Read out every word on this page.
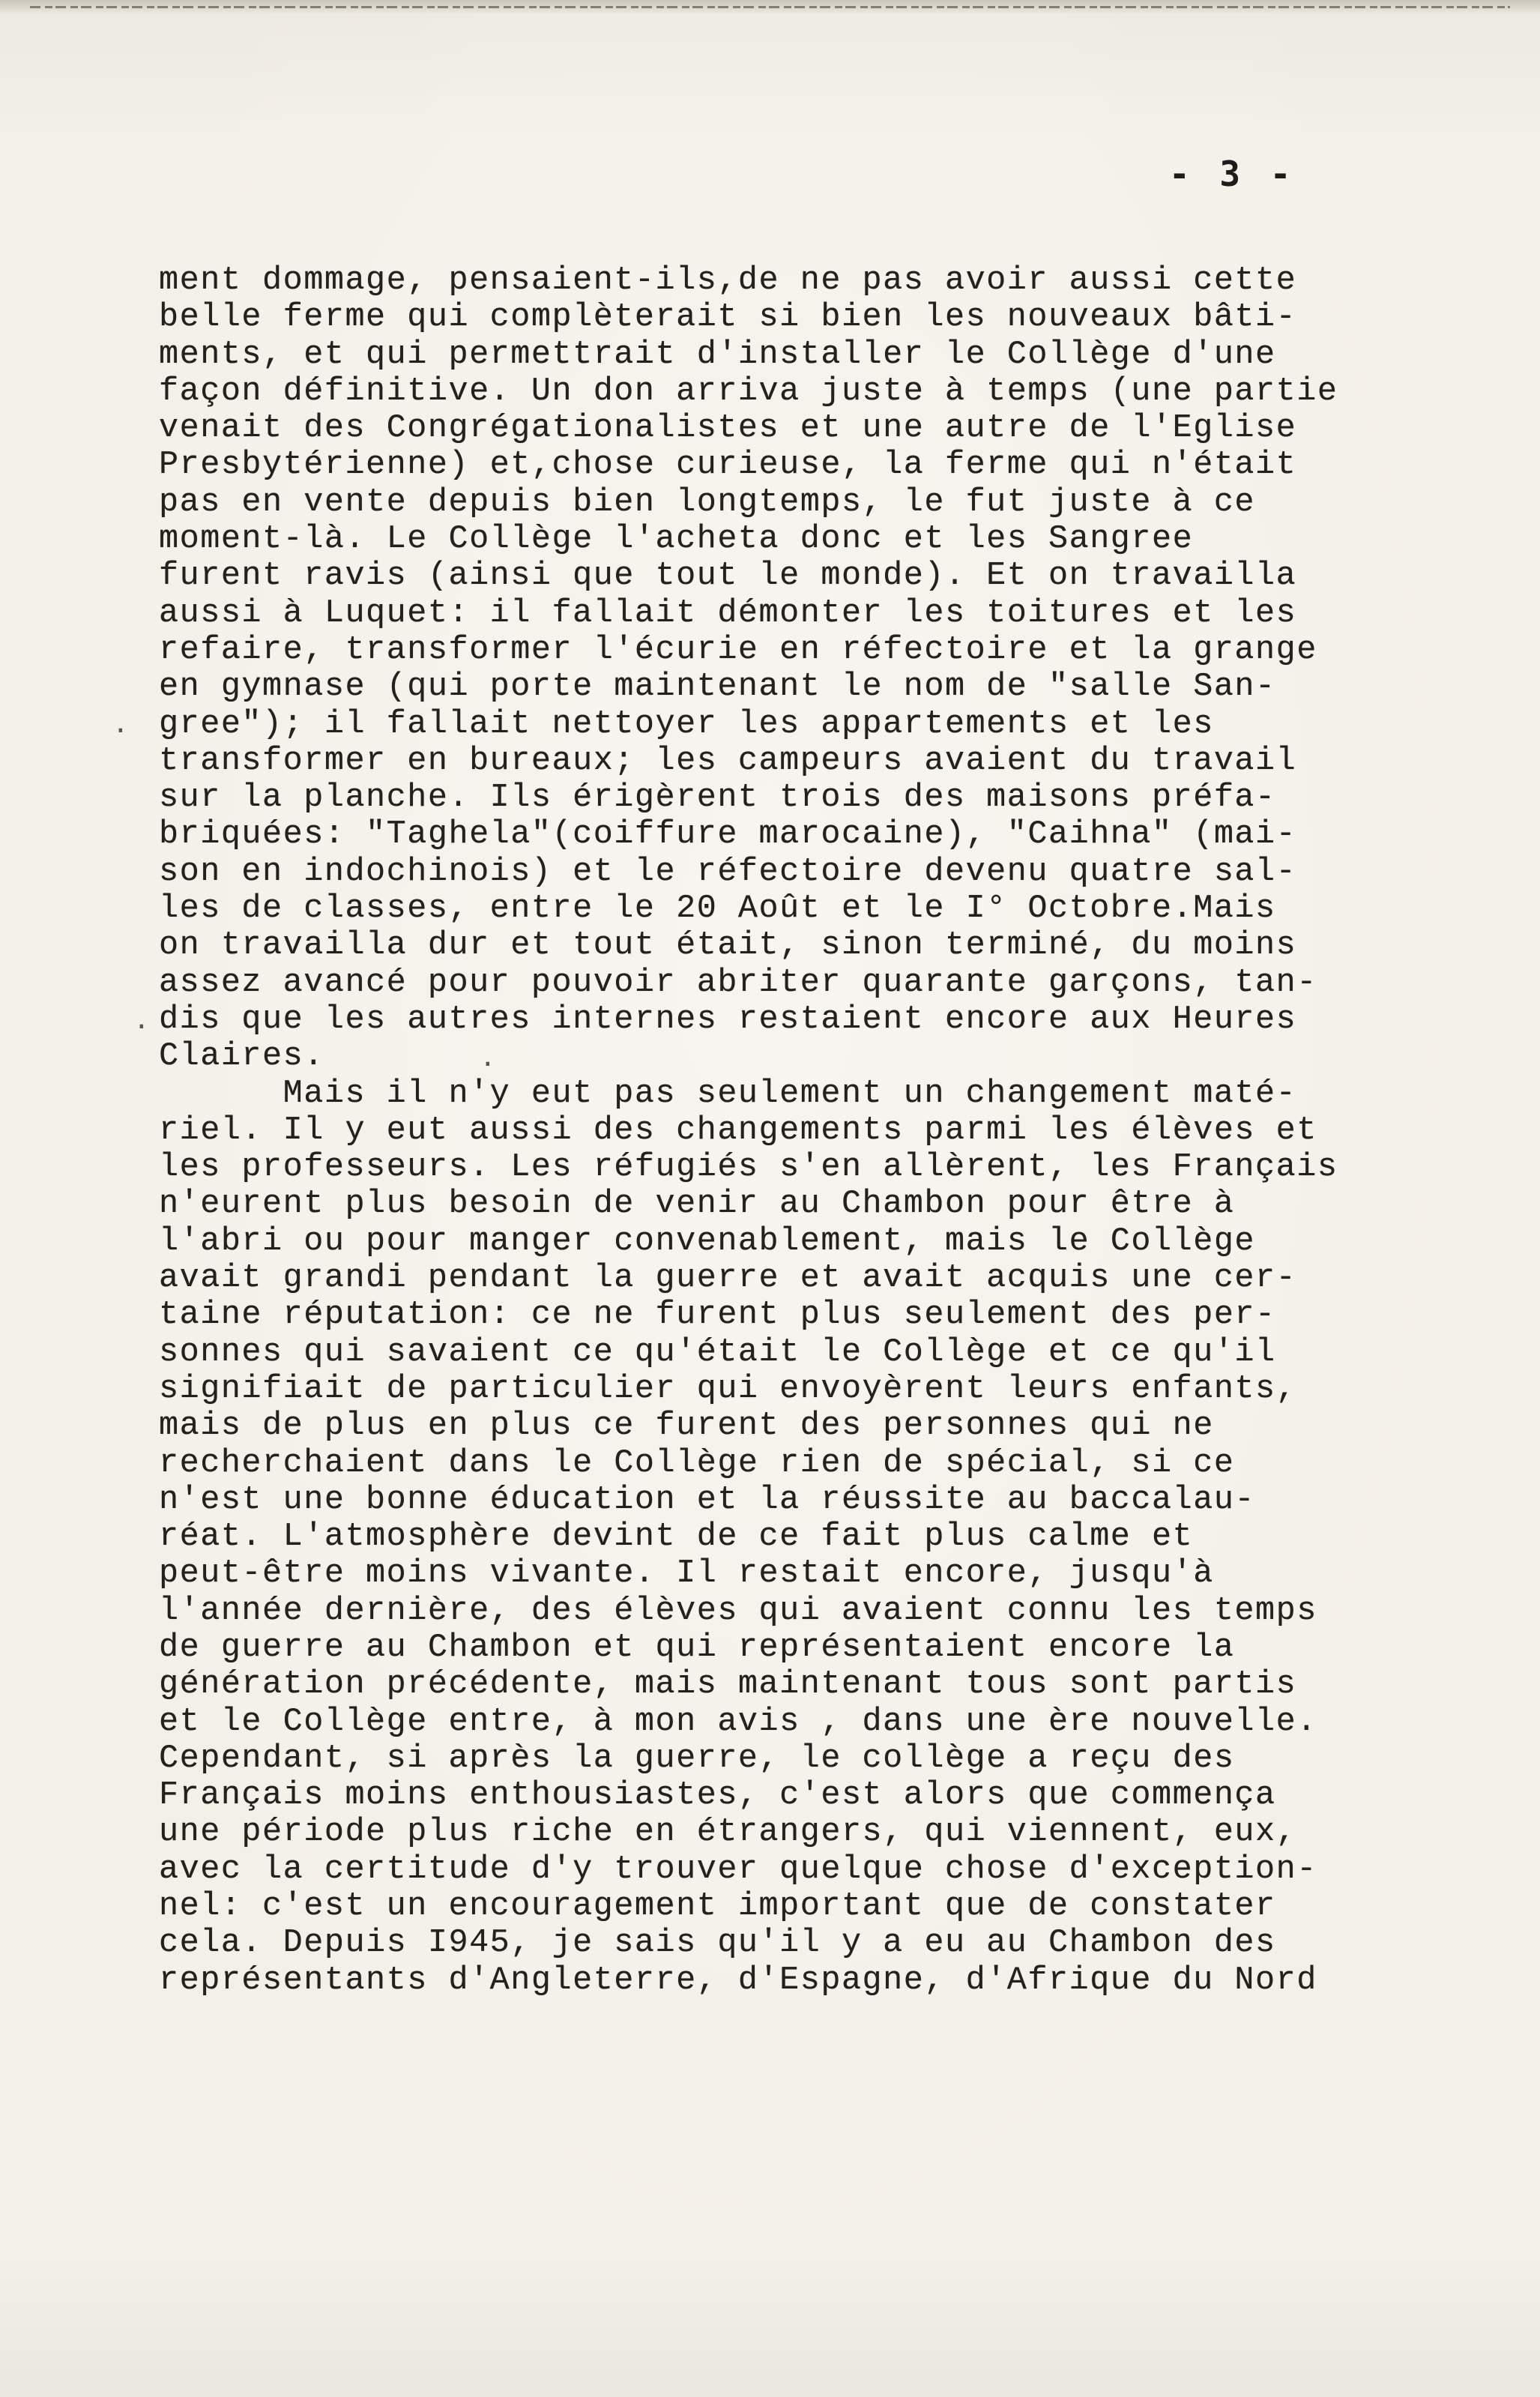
- 3 -
ment dommage, pensaient-ils,de ne pas avoir aussi cette
belle ferme qui complèterait si bien les nouveaux bâti-
ments, et qui permettrait d'installer le Collège d'une
façon définitive. Un don arriva juste à temps (une partie
venait des Congrégationalistes et une autre de l'Eglise
Presbytérienne) et,chose curieuse, la ferme qui n'était
pas en vente depuis bien longtemps, le fut juste à ce
moment-là. Le Collège l'acheta donc et les Sangree
furent ravis (ainsi que tout le monde). Et on travailla
aussi à Luquet: il fallait démonter les toitures et les
refaire, transformer l'écurie en réfectoire et la grange
en gymnase (qui porte maintenant le nom de "salle San-
gree"); il fallait nettoyer les appartements et les
transformer en bureaux; les campeurs avaient du travail
sur la planche. Ils érigèrent trois des maisons préfa-
briquées: "Taghela"(coiffure marocaine), "Caihna" (mai-
son en indochinois) et le réfectoire devenu quatre sal-
les de classes, entre le 20 Août et le I° Octobre.Mais
on travailla dur et tout était, sinon terminé, du moins
assez avancé pour pouvoir abriter quarante garçons, tan-
dis que les autres internes restaient encore aux Heures
Claires.
Mais il n'y eut pas seulement un changement maté-
riel. Il y eut aussi des changements parmi les élèves et
les professeurs. Les réfugiés s'en allèrent, les Français
n'eurent plus besoin de venir au Chambon pour être à
l'abri ou pour manger convenablement, mais le Collège
avait grandi pendant la guerre et avait acquis une cer-
taine réputation: ce ne furent plus seulement des per-
sonnes qui savaient ce qu'était le Collège et ce qu'il
signifiait de particulier qui envoyèrent leurs enfants,
mais de plus en plus ce furent des personnes qui ne
recherchaient dans le Collège rien de spécial, si ce
n'est une bonne éducation et la réussite au baccalau-
réat. L'atmosphère devint de ce fait plus calme et
peut-être moins vivante. Il restait encore, jusqu'à
l'année dernière, des élèves qui avaient connu les temps
de guerre au Chambon et qui représentaient encore la
génération précédente, mais maintenant tous sont partis
et le Collège entre, à mon avis , dans une ère nouvelle.
Cependant, si après la guerre, le collège a reçu des
Français moins enthousiastes, c'est alors que commença
une période plus riche en étrangers, qui viennent, eux,
avec la certitude d'y trouver quelque chose d'exception-
nel: c'est un encouragement important que de constater
cela. Depuis I945, je sais qu'il y a eu au Chambon des
représentants d'Angleterre, d'Espagne, d'Afrique du Nord
·
·
·
